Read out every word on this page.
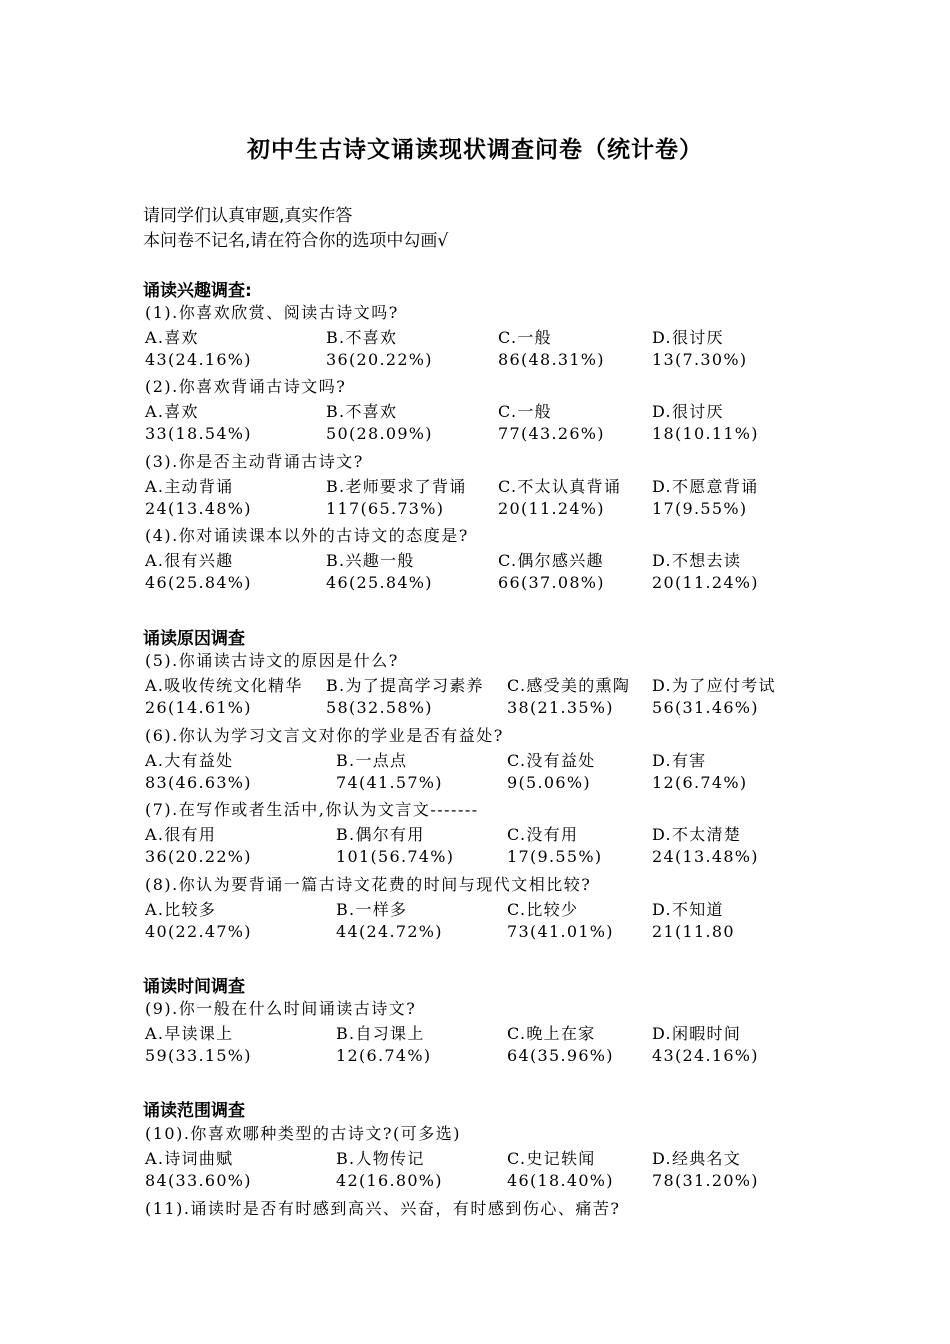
初中生古诗文诵读现状调查问卷（统计卷）
请同学们认真审题,真实作答
本问卷不记名,请在符合你的选项中勾画√
诵读兴趣调查:
(1).你喜欢欣赏、阅读古诗文吗?
A.喜欢	B.不喜欢	C.一般	D.很讨厌
43(24.16%)	36(20.22%)	86(48.31%)	13(7.30%)
(2).你喜欢背诵古诗文吗?
A.喜欢	B.不喜欢	C.一般	D.很讨厌
33(18.54%)	50(28.09%)	77(43.26%)	18(10.11%)
(3).你是否主动背诵古诗文?
A.主动背诵	B.老师要求了背诵 C.不太认真背诵 D.不愿意背诵
24(13.48%)	117(65.73%)	20(11.24%)	17(9.55%)
(4).你对诵读课本以外的古诗文的态度是?
A.很有兴趣	B.兴趣一般	C.偶尔感兴趣	D.不想去读
46(25.84%)	46(25.84%)	66(37.08%)	20(11.24%)
诵读原因调查
(5).你诵读古诗文的原因是什么?
A.吸收传统文化精华 B.为了提高学习素养 C.感受美的熏陶 D.为了应付考试
26(14.61%)	58(32.58%)	38(21.35%) 56(31.46%)
(6).你认为学习文言文对你的学业是否有益处?
A.大有益处	B.一点点	C.没有益处	D.有害
83(46.63%)	74(41.57%)	9(5.06%)	12(6.74%)
(7).在写作或者生活中,你认为文言文-------
A.很有用	B.偶尔有用	C.没有用	D.不太清楚
36(20.22%)	101(56.74%)	17(9.55%)	24(13.48%)
(8).你认为要背诵一篇古诗文花费的时间与现代文相比较?
A.比较多	B.一样多	C.比较少	D.不知道
40(22.47%)	44(24.72%)	73(41.01%) 21(11.80
诵读时间调查
(9).你一般在什么时间诵读古诗文?
A.早读课上	B.自习课上	C.晚上在家	D.闲暇时间
59(33.15%)	12(6.74%)	64(35.96%) 43(24.16%)
诵读范围调查
(10).你喜欢哪种类型的古诗文?(可多选)
A.诗词曲赋	B.人物传记	C.史记轶闻	D.经典名文
84(33.60%)	42(16.80%)	46(18.40%) 78(31.20%)
(11).诵读时是否有时感到高兴、兴奋，有时感到伤心、痛苦?
